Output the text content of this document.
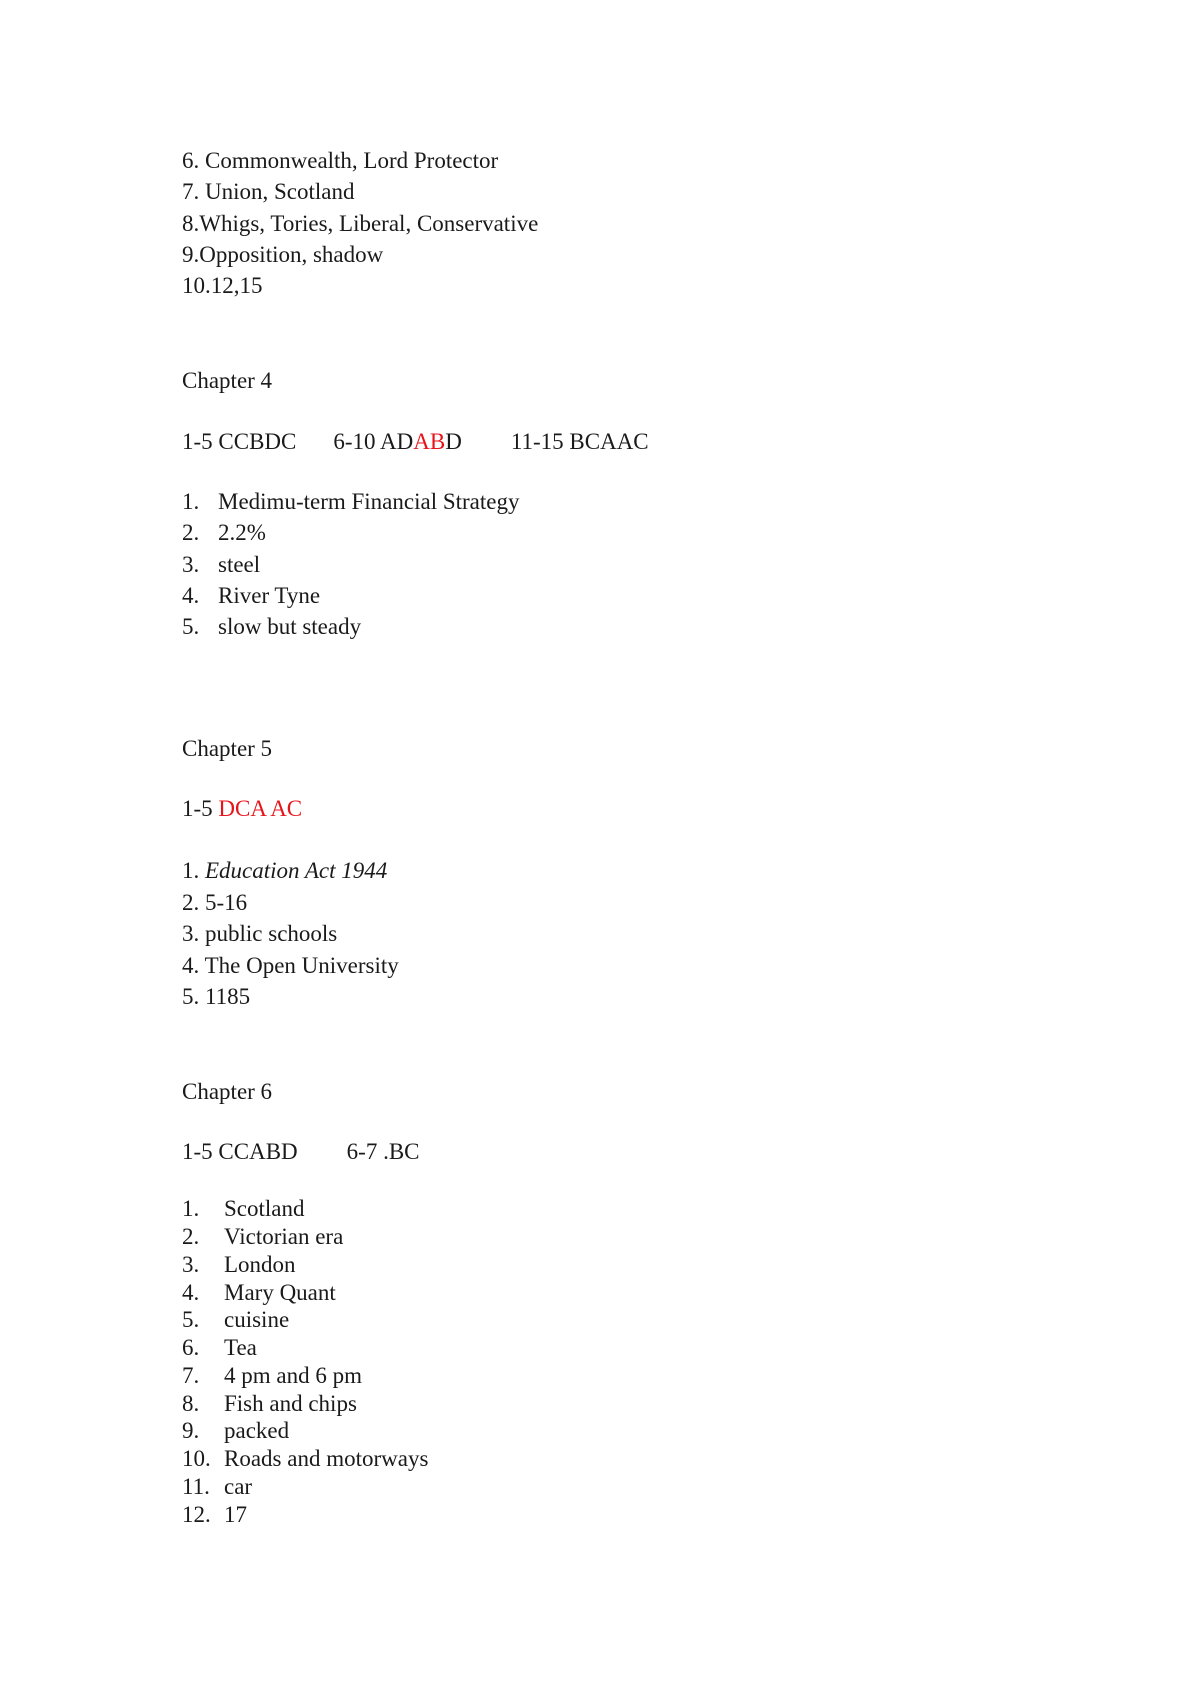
6. Commonwealth, Lord Protector
7. Union, Scotland
8.Whigs, Tories, Liberal, Conservative
9.Opposition, shadow
10.12,15
Chapter 4
1-5 CCBDC 6-10 ADABD 11-15 BCAAC
1. Medimu-term Financial Strategy
2. 2.2%
3. steel
4. River Tyne
5. slow but steady
Chapter 5
1-5 DCA AC
1. Education Act 1944
2. 5-16
3. public schools
4. The Open University
5. 1185
Chapter 6
1-5 CCABD 6-7 .BC
1. Scotland
2. Victorian era
3. London
4. Mary Quant
5. cuisine
6. Tea
7. 4 pm and 6 pm
8. Fish and chips
9. packed
10. Roads and motorways
11. car
12. 17
